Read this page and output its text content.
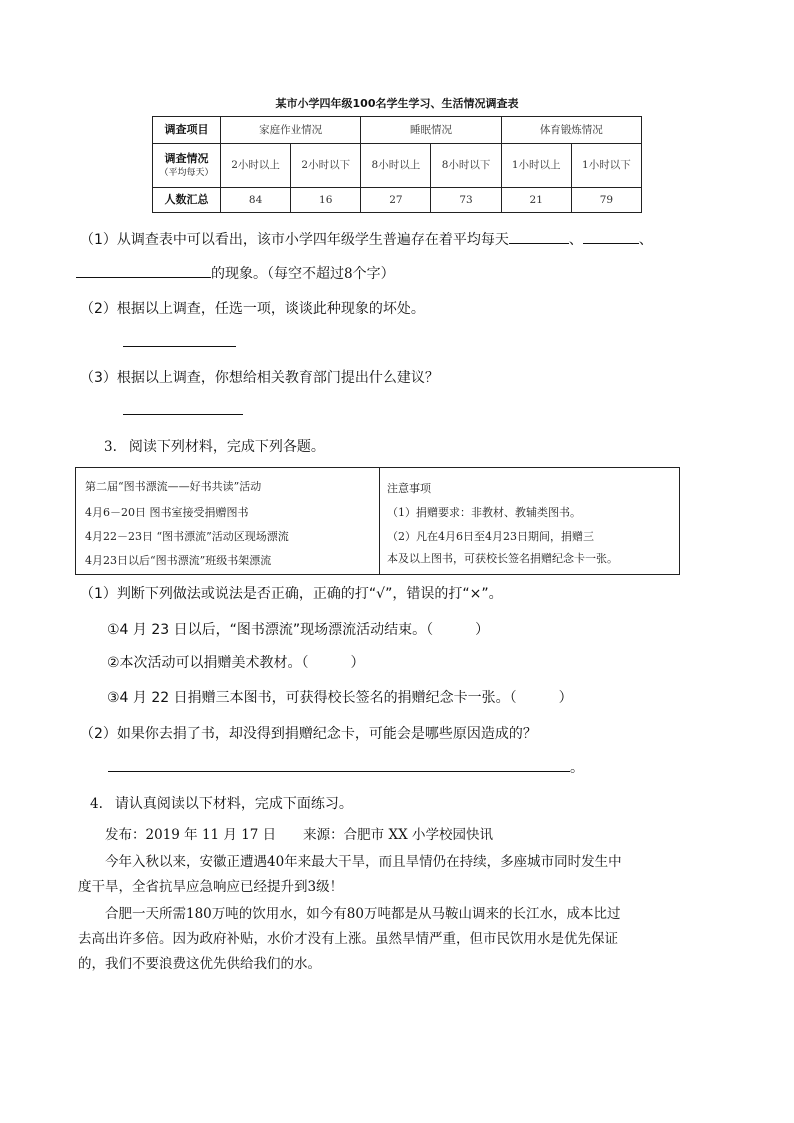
某市小学四年级100名学生学习、生活情况调查表
调查项目	家庭作业情况		睡眠情况		体育锻炼情况	

调查情况
（平均每天）	2小时以上	2小时以下	8小时以上	8小时以下	1小时以上	1小时以下
人数汇总	84	16	27	73	21	79
（1）从调查表中可以看出，该市小学四年级学生普遍存在着平均每天	、	、
的现象。（每空不超过8个字）
（2）根据以上调查，任选一项，谈谈此种现象的坏处。
（3）根据以上调查，你想给相关教育部门提出什么建议？
3. 阅读下列材料，完成下列各题。
第二届“图书漂流——好书共读”活动
4月6－20日 图书室接受捐赠图书
4月22－23日 “图书漂流”活动区现场漂流
4月23日以后“图书漂流”班级书架漂流
注意事项
（1）捐赠要求：非教材、教辅类图书。
（2）凡在4月6日至4月23日期间，捐赠三
本及以上图书，可获校长签名捐赠纪念卡一张。
（1）判断下列做法或说法是否正确，正确的打“√”，错误的打“×”。
①4 月 23 日以后，“图书漂流”现场漂流活动结束。（　　　）
②本次活动可以捐赠美术教材。（　　　）
③4 月 22 日捐赠三本图书，可获得校长签名的捐赠纪念卡一张。（　　　）
（2）如果你去捐了书，却没得到捐赠纪念卡，可能会是哪些原因造成的？
。
4. 请认真阅读以下材料，完成下面练习。
发布：2019 年 11 月 17 日　　来源：合肥市 XX 小学校园快讯
今年入秋以来，安徽正遭遇40年来最大干旱，而且旱情仍在持续，多座城市同时发生中
度干旱，全省抗旱应急响应已经提升到3级！
合肥一天所需180万吨的饮用水，如今有80万吨都是从马鞍山调来的长江水，成本比过
去高出许多倍。因为政府补贴，水价才没有上涨。虽然旱情严重，但市民饮用水是优先保证
的，我们不要浪费这优先供给我们的水。
